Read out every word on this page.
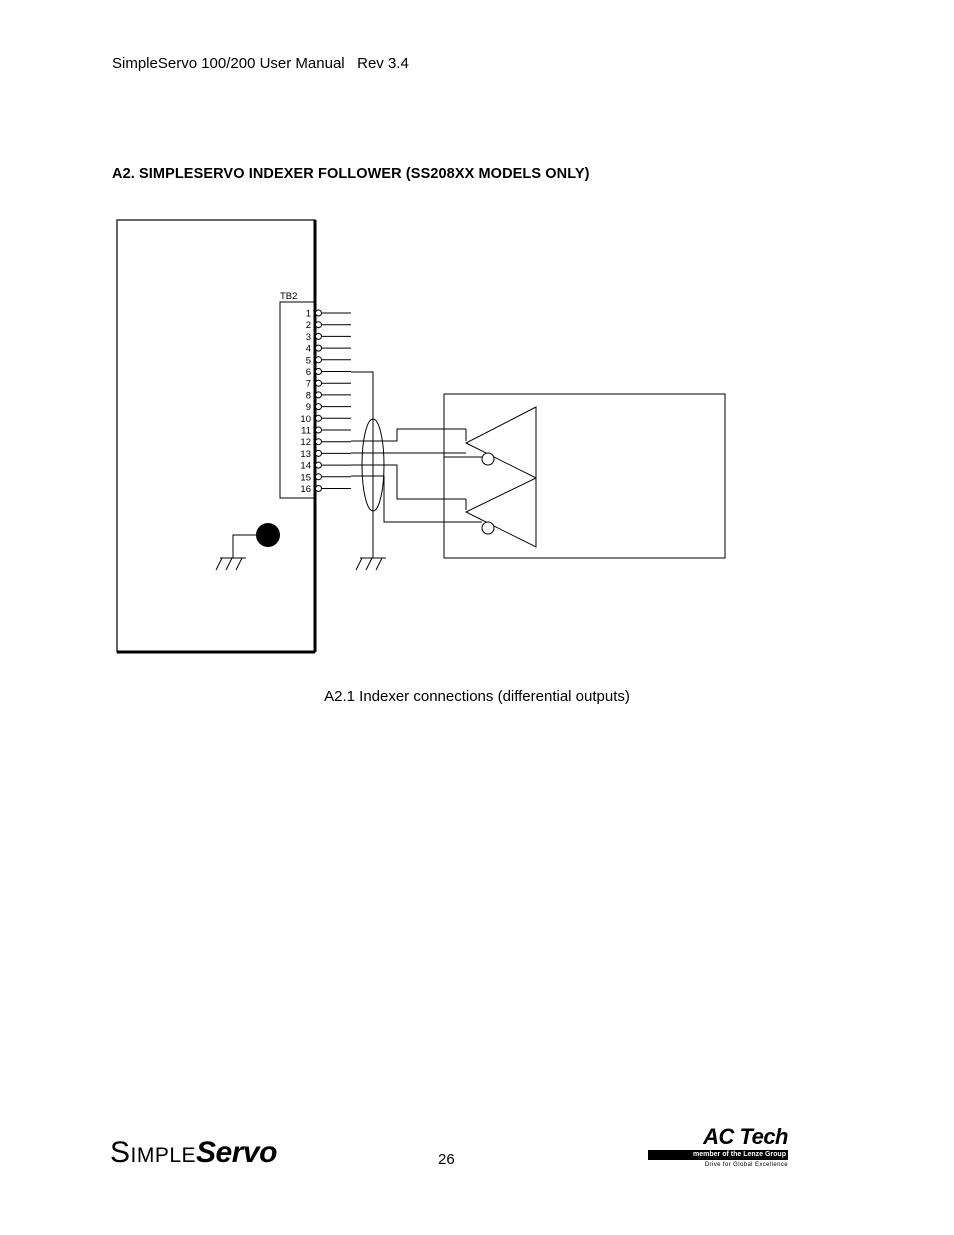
SimpleServo 100/200 User Manual   Rev 3.4
A2. SIMPLESERVO INDEXER FOLLOWER (SS208XX MODELS ONLY)
TB2
1
2
3
4
5
6
7
8
9
10
11
12
13
14
15
16
A2.1 Indexer connections (differential outputs)
SimpleServo	26
AC Tech
member of the Lenze Group
Drive for Global Excellence
